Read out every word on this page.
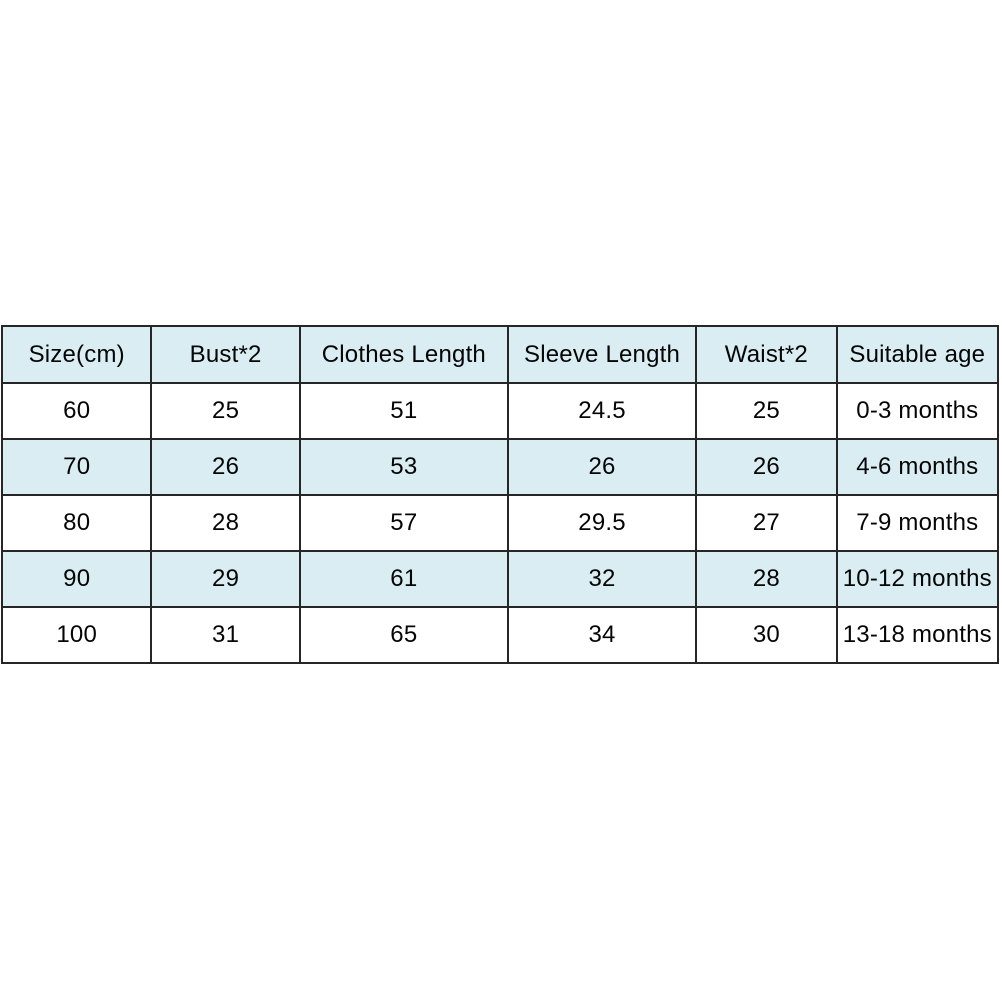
Size(cm)	Bust*2	Clothes Length	Sleeve Length	Waist*2	Suitable age
60	25	51	24.5	25	0-3 months
70	26	53	26	26	4-6 months
80	28	57	29.5	27	7-9 months
90	29	61	32	28	10-12 months
100	31	65	34	30	13-18 months
